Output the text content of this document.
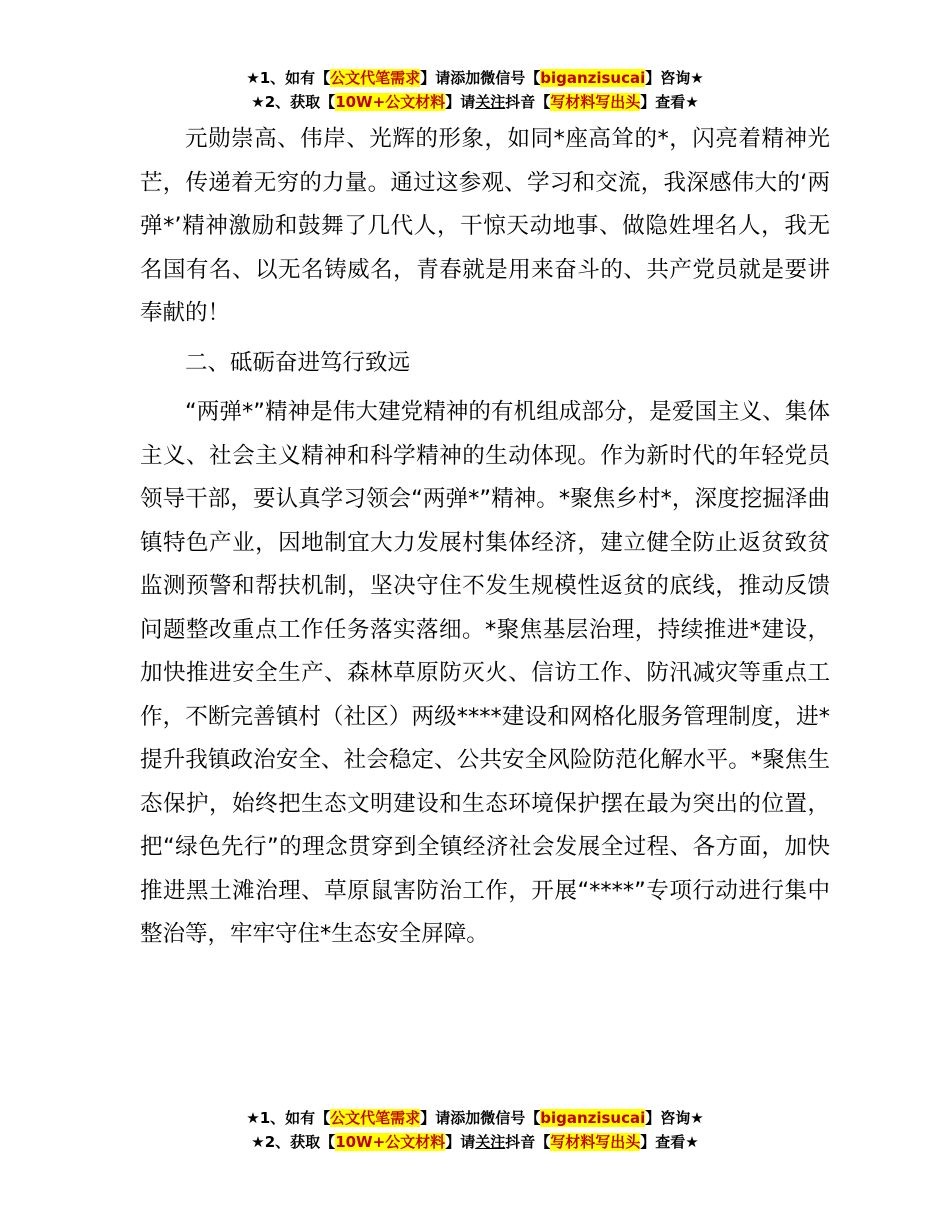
★1、如有【公文代笔需求】请添加微信号【biganzisucai】咨询★
★2、获取【10W+公文材料】请关注抖音【写材料写出头】查看★

元勋崇高、伟岸、光辉的形象，如同*座高耸的*，闪亮着精神光芒，传递着无穷的力量。通过这参观、学习和交流，我深感伟大的‘两弹*’精神激励和鼓舞了几代人，干惊天动地事、做隐姓埋名人，我无名国有名、以无名铸威名，青春就是用来奋斗的、共产党员就是要讲奉献的！

二、砥砺奋进笃行致远

“两弹*”精神是伟大建党精神的有机组成部分，是爱国主义、集体主义、社会主义精神和科学精神的生动体现。作为新时代的年轻党员领导干部，要认真学习领会“两弹*”精神。*聚焦乡村*，深度挖掘泽曲镇特色产业，因地制宜大力发展村集体经济，建立健全防止返贫致贫监测预警和帮扶机制，坚决守住不发生规模性返贫的底线，推动反馈问题整改重点工作任务落实落细。*聚焦基层治理，持续推进*建设，加快推进安全生产、森林草原防灭火、信访工作、防汛减灾等重点工作，不断完善镇村（社区）两级****建设和网格化服务管理制度，进*提升我镇政治安全、社会稳定、公共安全风险防范化解水平。*聚焦生态保护，始终把生态文明建设和生态环境保护摆在最为突出的位置，把“绿色先行”的理念贯穿到全镇经济社会发展全过程、各方面，加快推进黑土滩治理、草原鼠害防治工作，开展“****”专项行动进行集中整治等，牢牢守住*生态安全屏障。

★1、如有【公文代笔需求】请添加微信号【biganzisucai】咨询★
★2、获取【10W+公文材料】请关注抖音【写材料写出头】查看★
